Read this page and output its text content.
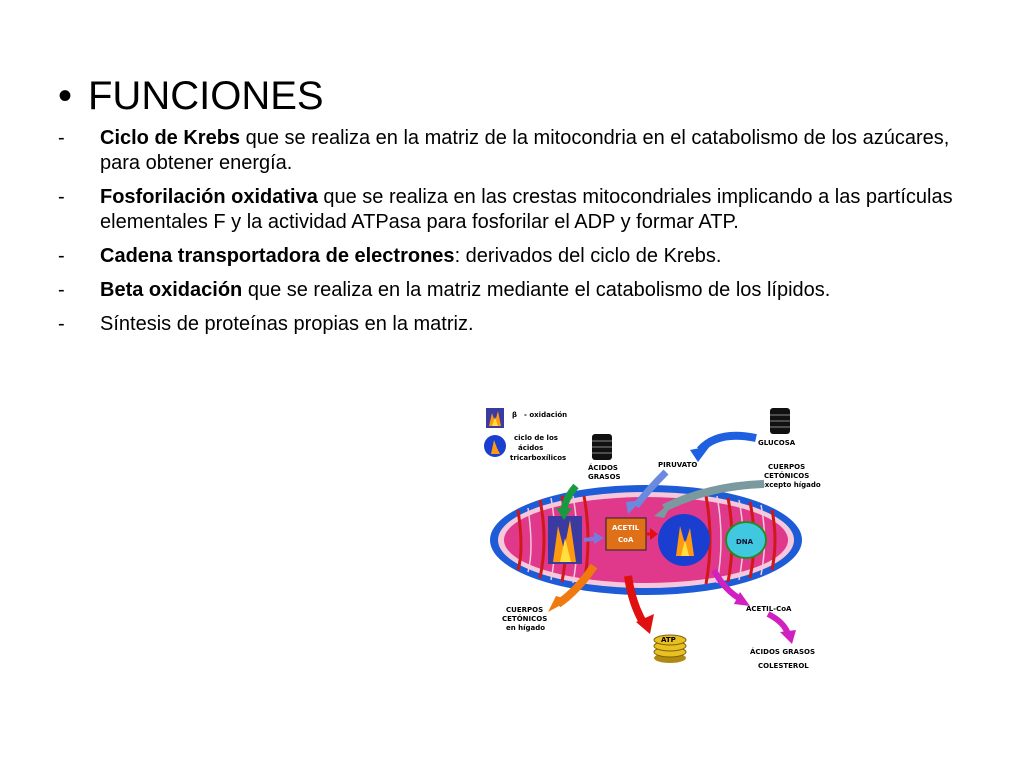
• FUNCIONES
- Ciclo de Krebs que se realiza en la matriz de la mitocondria en el catabolismo de los azúcares, para obtener energía.
- Fosforilación oxidativa que se realiza en las crestas mitocondriales implicando a las partículas elementales F y la actividad ATPasa para fosforilar el ADP y formar ATP.
- Cadena transportadora de electrones: derivados del ciclo de Krebs.
- Beta oxidación que se realiza en la matriz mediante el catabolismo de los lípidos.
- Síntesis de proteínas propias en la matriz.
β - oxidación
ciclo de los
ácidos
tricarboxílicos
GLUCOSA
ÁCIDOS
GRASOS
PIRUVATO	CUERPOS
CETÓNICOS
excepto hígado
ACETIL
CoA	DNA
CUERPOS
CETÓNICOS
en hígado
ATP
ACETIL-CoA
ÁCIDOS GRASOS
COLESTEROL
